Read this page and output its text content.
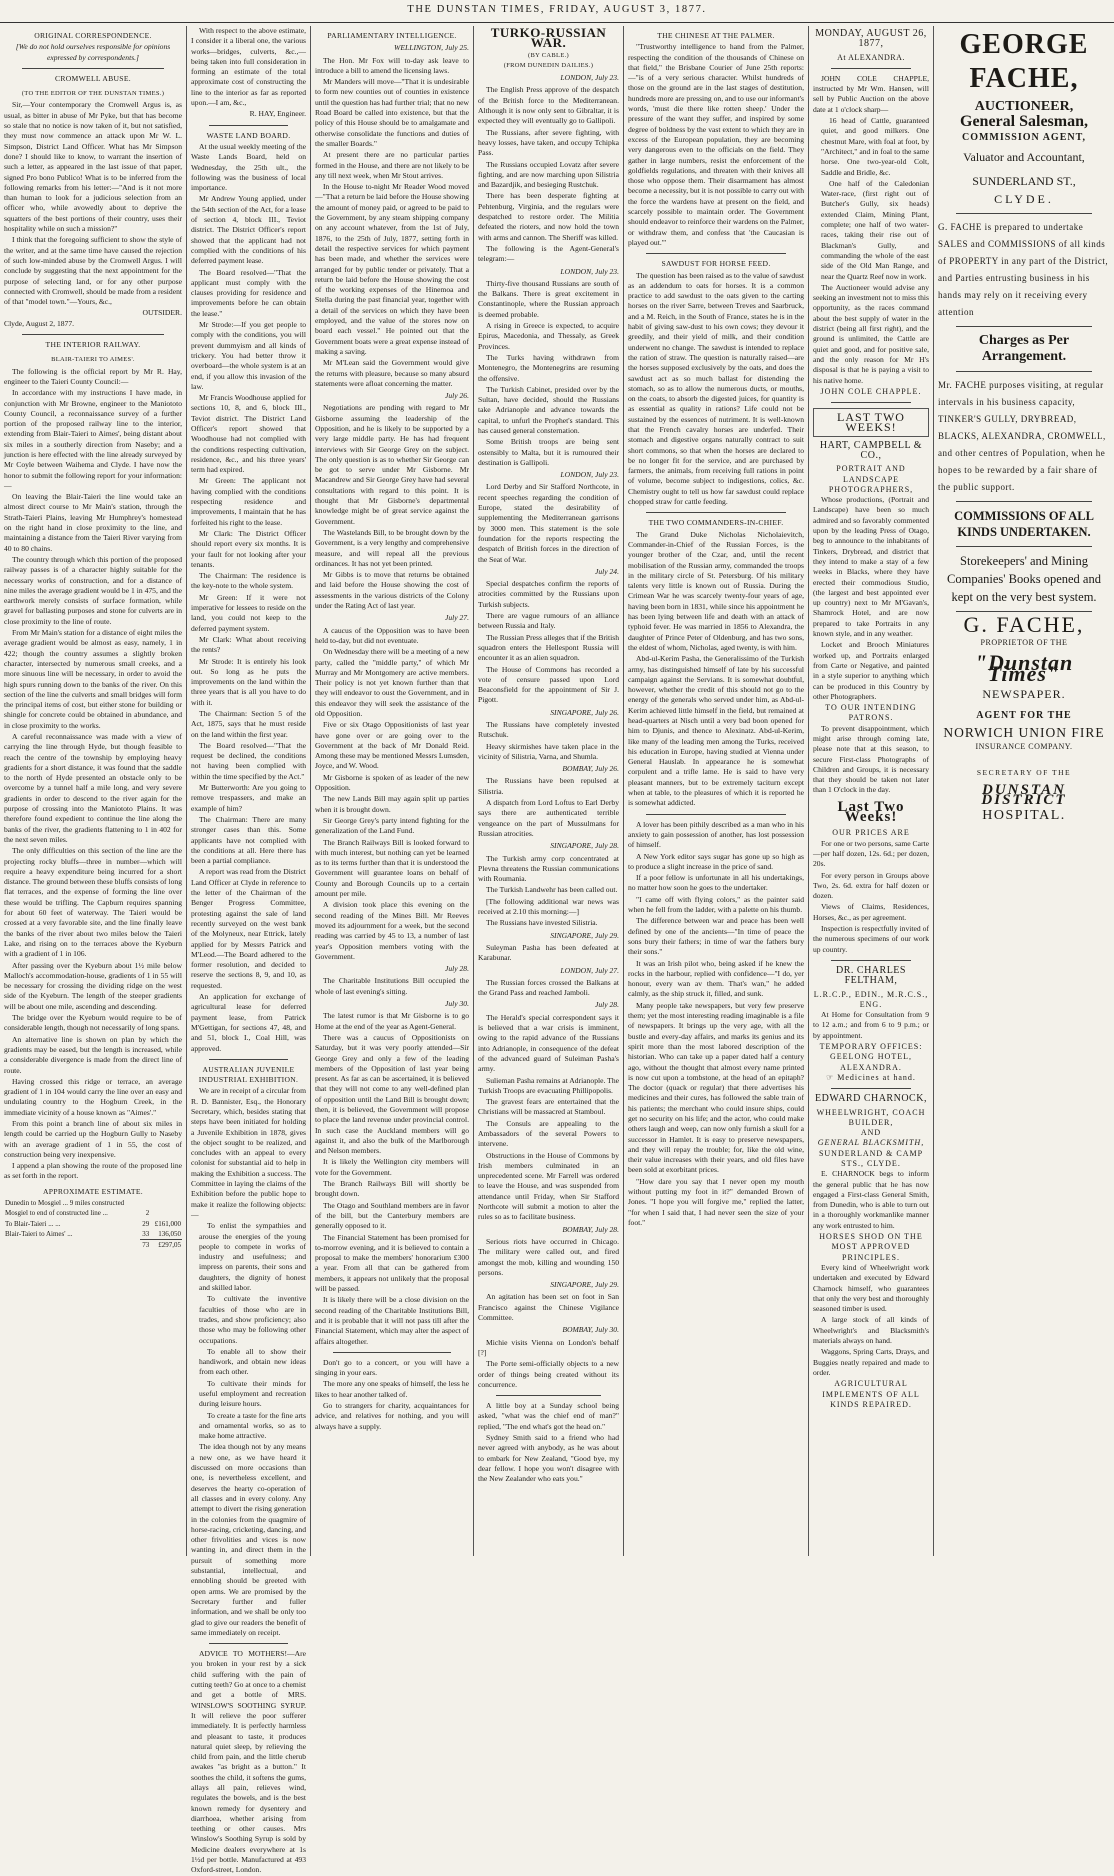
THE DUNSTAN TIMES, FRIDAY, AUGUST 3, 1877.
ORIGINAL CORRESPONDENCE.
[We do not hold ourselves responsible for opinions expressed by correspondents.]
CROMWELL ABUSE.
(TO THE EDITOR OF THE DUNSTAN TIMES.)

Sir,—Your contemporary the Cromwell Argus is, as usual, as bitter in abuse of Mr Pyke, but that has become so stale that no notice is now taken of it, but not satisfied, they must now commence an attack upon Mr W. L. Simpson, District Land Officer. What has Mr Simpson done? I should like to know, to warrant the insertion of such a letter, as appeared in the last issue of that paper, signed Pro bono Publico! What is to be inferred from the following remarks from his letter:—"And is it not more than human to look for a judicious selection from an officer who, while avowedly about to deprive the squatters of the best portions of their country, uses their hospitality while on such a mission?"

I think that the foregoing sufficient to show the style of the writer, and at the same time have caused the rejection of such low-minded abuse by the Cromwell Argus. I will conclude by suggesting that the next appointment for the purpose of selecting land, or for any other purpose connected with Cromwell, should be made from a resident of that "model town."—Yours, &c.,

OUTSIDER.
Clyde, August 2, 1877.
THE INTERIOR RAILWAY.
BLAIR-TAIERI TO AIMES'.

The following is the official report by Mr R. Hay, engineer to the Taieri County Council:—

In accordance with my instructions I have made, in conjunction with Mr Browne, engineer to the Maniototo County Council, a reconnaissance survey of a further portion of the proposed railway line to the interior, extending from Blair-Taieri to Aimes', being distant about six miles in a southerly direction from Naseby; and a junction is here effected with the line already surveyed by Mr Coyle between Waihema and Clyde. I have now the honor to submit the following report for your information:—

On leaving the Blair-Taieri the line would take an almost direct course to Mr Main's station, through the Strath-Taieri Plains, leaving Mr Humphrey's homestead on the right hand in close proximity to the line, and maintaining a distance from the Taieri River varying from 40 to 80 chains.

The country through which this portion of the proposed railway passes is of a character highly suitable for the necessary works of construction, and for a distance of nine miles the average gradient would be 1 in 475, and the earthwork merely consists of surface formation, while gravel for ballasting purposes and stone for culverts are in close proximity to the line of route.

From Mr Main's station for a distance of eight miles the average gradient would be almost as easy, namely, 1 in 422; though the country assumes a slightly broken character, intersected by numerous small creeks, and a more sinuous line will be necessary, in order to avoid the high spurs running down to the banks of the river. On this section of the line the culverts and small bridges will form the principal items of cost, but either stone for building or shingle for concrete could be obtained in abundance, and in close proximity to the works.

A careful reconnaissance was made with a view of carrying the line through Hyde, but though feasible to reach the centre of the township by employing heavy gradients for a short distance, it was found that the saddle to the north of Hyde presented an obstacle only to be overcome by a tunnel half a mile long, and very severe gradients in order to descend to the river again for the purpose of crossing into the Maniototo Plains. It was therefore found expedient to continue the line along the banks of the river, the gradients flattening to 1 in 402 for the next seven miles.

The only difficulties on this section of the line are the projecting rocky bluffs—three in number—which will require a heavy expenditure being incurred for a short distance. The ground between these bluffs consists of long flat terraces, and the expense of forming the line over these would be trifling. The Capburn requires spanning for about 60 feet of waterway. The Taieri would be crossed at a very favorable site, and the line finally leave the banks of the river about two miles below the Taieri Lake, and rising on to the terraces above the Kyeburn with a gradient of 1 in 106.

After passing over the Kyeburn about 1½ mile below Malloch's accommodation-house, gradients of 1 in 55 will be necessary for crossing the dividing ridge on the west side of the Kyeburn. The length of the steeper gradients will be about one mile, ascending and descending.

The bridge over the Kyeburn would require to be of considerable length, though not necessarily of long spans.

An alternative line is shown on plan by which the gradients may be eased, but the length is increased, while a considerable divergence is made from the direct line of route.

Having crossed this ridge or terrace, an average gradient of 1 in 104 would carry the line over an easy and undulating country to the Hogburn Creek, in the immediate vicinity of a house known as "Aimes'."

From this point a branch line of about six miles in length could be carried up the Hogburn Gully to Naseby with an average gradient of 1 in 55, the cost of construction being very inexpensive.

I append a plan showing the route of the proposed line as set forth in the report.

APPROXIMATE ESTIMATE.
Dunedin to Mosgiel ... 9 miles constructed		
Mosgiel to end of constructed line ...	2	
To Blair-Taieri ... ...	29	£161,000
Blair-Taieri to Aimes' ...	33	136,050
	73	£297,05

With respect to the above estimate, I consider it a liberal one, the various works—bridges, culverts, &c.,—being taken into full consideration in forming an estimate of the total approximate cost of constructing the line to the interior as far as reported upon.—I am, &c.,

R. HAY, Engineer.
WASTE LAND BOARD.

At the usual weekly meeting of the Waste Lands Board, held on Wednesday, the 25th ult., the following was the business of local importance.

Mr Andrew Young applied, under the 54th section of the Act, for a lease of section 4, block III., Teviot district. The District Officer's report showed that the applicant had not complied with the conditions of his deferred payment lease.

The Board resolved—"That the applicant must comply with the clauses providing for residence and improvements before he can obtain the lease."

Mr Strode:—If you get people to comply with the conditions, you will prevent dummyism and all kinds of trickery. You had better throw it overboard—the whole system is at an end, if you allow this invasion of the law.

Mr Francis Woodhouse applied for sections 10, 8, and 6, block III., Teviot district. The District Land Officer's report showed that Woodhouse had not complied with the conditions respecting cultivation, residence, &c., and his three years' term had expired.

Mr Green: The applicant not having complied with the conditions respecting residence and improvements, I maintain that he has forfeited his right to the lease.

Mr Clark: The District Officer should report every six months. It is your fault for not looking after your tenants.

The Chairman: The residence is the key-note to the whole system.

Mr Green: If it were not imperative for lessees to reside on the land, you could not keep to the deferred payment system.

Mr Clark: What about receiving the rents?

Mr Strode: It is entirely his look out. So long as he puts the improvements on the land within the three years that is all you have to do with it.

The Chairman: Section 5 of the Act, 1875, says that he must reside on the land within the first year.

The Board resolved—"That the request be declined, the conditions not having been complied with within the time specified by the Act."

Mr Butterworth: Are you going to remove trespassers, and make an example of him?

The Chairman: There are many stronger cases than this. Some applicants have not complied with the conditions at all. Here there has been a partial compliance.

A report was read from the District Land Officer at Clyde in reference to the letter of the Chairman of the Benger Progress Committee, protesting against the sale of land recently surveyed on the west bank of the Molyneux, near Ettrick, lately applied for by Messrs Patrick and M'Leod.—The Board adhered to the former resolution, and decided to reserve the sections 8, 9, and 10, as requested.

An application for exchange of agricultural lease for deferred payment lease, from Patrick M'Gettigan, for sections 47, 48, and and 51, block I., Coal Hill, was approved.

AUSTRALIAN JUVENILE INDUSTRIAL EXHIBITION.

We are in receipt of a circular from R. D. Bannister, Esq., the Honorary Secretary, which, besides stating that steps have been initiated for holding a Juvenile Exhibition in 1878, gives the object sought to be realized, and concludes with an appeal to every colonist for substantial aid to help in making the Exhibition a success. The Committee in laying the claims of the Exhibition before the public hope to make it realize the following objects:—

To enlist the sympathies and arouse the energies of the young people to compete in works of industry and usefulness; and impress on parents, their sons and daughters, the dignity of honest and skilled labor.

To cultivate the inventive faculties of those who are in trades, and show proficiency; also those who may be following other occupations.

To enable all to show their handiwork, and obtain new ideas from each other.

To cultivate their minds for useful employment and recreation during leisure hours.

To create a taste for the fine arts and ornamental works, so as to make home attractive.

The idea though not by any means a new one, as we have heard it discussed on more occasions than one, is nevertheless excellent, and deserves the hearty co-operation of all classes and in every colony. Any attempt to divert the rising generation in the colonies from the quagmire of horse-racing, cricketing, dancing, and other frivolities and vices is now wanting in, and direct them in the pursuit of something more substantial, intellectual, and ennobling should be greeted with open arms. We are promised by the Secretary further and fuller information, and we shall be only too glad to give our readers the benefit of same immediately on receipt.

ADVICE TO MOTHERS!—Are you broken in your rest by a sick child suffering with the pain of cutting teeth? Go at once to a chemist and get a bottle of MRS. WINSLOW'S SOOTHING SYRUP. It will relieve the poor sufferer immediately. It is perfectly harmless and pleasant to taste, it produces natural quiet sleep, by relieving the child from pain, and the little cherub awakes "as bright as a button." It soothes the child, it softens the gums, allays all pain, relieves wind, regulates the bowels, and is the best known remedy for dysentery and diarrhoea, whether arising from teething or other causes. Mrs Winslow's Soothing Syrup is sold by Medicine dealers everywhere at 1s 1½d per bottle. Manufactured at 493 Oxford-street, London.

PARLIAMENTARY INTELLIGENCE.
WELLINGTON, July 25.

The Hon. Mr Fox will to-day ask leave to introduce a bill to amend the licensing laws.

Mr Manders will move—"That it is undesirable to form new counties out of counties in existence until the question has had further trial; that no new Road Board be called into existence, but that the policy of this House should be to amalgamate and otherwise consolidate the functions and duties of the smaller Boards."

At present there are no particular parties formed in the House, and there are not likely to be any till next week, when Mr Stout arrives.

In the House to-night Mr Reader Wood moved—"That a return be laid before the House showing the amount of money paid, or agreed to be paid to the Government, by any steam shipping company on any account whatever, from the 1st of July, 1876, to the 25th of July, 1877, setting forth in detail the respective services for which payment has been made, and whether the services were arranged for by public tender or privately. That a return be laid before the House showing the cost of the working expenses of the Hinemoa and Stella during the past financial year, together with a detail of the services on which they have been employed, and the value of the stores now on board each vessel." He pointed out that the Government boats were a great expense instead of making a saving.

Mr M'Lean said the Government would give the returns with pleasure, because so many absurd statements were afloat concerning the matter.

July 26.

Negotiations are pending with regard to Mr Gisborne assuming the leadership of the Opposition, and he is likely to be supported by a very large middle party. He has had frequent interviews with Sir George Grey on the subject. The only question is as to whether Sir George can be got to serve under Mr Gisborne. Mr Macandrew and Sir George Grey have had several consultations with regard to this point. It is thought that Mr Gisborne's departmental knowledge might be of great service against the Government.

The Wastelands Bill, to be brought down by the Government, is a very lengthy and comprehensive measure, and will repeal all the previous ordinances. It has not yet been printed.

Mr Gibbs is to move that returns be obtained and laid before the House showing the cost of assessments in the various districts of the Colony under the Rating Act of last year.

July 27.

A caucus of the Opposition was to have been held to-day, but did not eventuate.

On Wednesday there will be a meeting of a new party, called the "middle party," of which Mr Murray and Mr Montgomery are active members. Their policy is not yet known further than that they will endeavor to oust the Government, and in this endeavor they will seek the assistance of the old Opposition.

Five or six Otago Oppositionists of last year have gone over or are going over to the Government at the back of Mr Donald Reid. Among these may be mentioned Messrs Lumsden, Joyce, and W. Wood.

Mr Gisborne is spoken of as leader of the new Opposition.

The new Lands Bill may again split up parties when it is brought down.

Sir George Grey's party intend fighting for the generalization of the Land Fund.

The Branch Railways Bill is looked forward to with much interest, but nothing can yet be learned as to its terms further than that it is understood the Government will guarantee loans on behalf of County and Borough Councils up to a certain amount per mile.

A division took place this evening on the second reading of the Mines Bill. Mr Reeves moved its adjournment for a week, but the second reading was carried by 45 to 13, a number of last year's Opposition members voting with the Government.

July 28.

The Charitable Institutions Bill occupied the whole of last evening's sitting.

July 30.

The latest rumor is that Mr Gisborne is to go Home at the end of the year as Agent-General.

There was a caucus of Oppositionists on Saturday, but it was very poorly attended—Sir George Grey and only a few of the leading members of the Opposition of last year being present. As far as can be ascertained, it is believed that they will not come to any well-defined plan of opposition until the Land Bill is brought down; then, it is believed, the Government will propose to place the land revenue under provincial control. In such case the Auckland members will go against it, and also the bulk of the Marlborough and Nelson members.

It is likely the Wellington city members will vote for the Government.

The Branch Railways Bill will shortly be brought down.

The Otago and Southland members are in favor of the bill, but the Canterbury members are generally opposed to it.

The Financial Statement has been promised for to-morrow evening, and it is believed to contain a proposal to make the members' honorarium £300 a year. From all that can be gathered from members, it appears not unlikely that the proposal will be passed.

It is likely there will be a close division on the second reading of the Charitable Institutions Bill, and it is probable that it will not pass till after the Financial Statement, which may alter the aspect of affairs altogether.

Don't go to a concert, or you will have a singing in your ears.

The more any one speaks of himself, the less he likes to hear another talked of.

Go to strangers for charity, acquaintances for advice, and relatives for nothing, and you will always have a supply.

TURKO-RUSSIAN WAR.
(BY CABLE.)
(FROM DUNEDIN DAILIES.)
LONDON, July 23.

The English Press approve of the despatch of the British force to the Mediterranean. Although it is now only sent to Gibraltar, it is expected they will eventually go to Gallipoli.

The Russians, after severe fighting, with heavy losses, have taken, and occupy Tchipka Pass.

The Russians occupied Lovatz after severe fighting, and are now marching upon Silistria and Bazardjik, and besieging Rustchuk.

There has been desperate fighting at Pehtenburg, Virginia, and the regulars were despatched to restore order. The Militia defeated the rioters, and now hold the town with arms and cannon. The Sheriff was killed.

The following is the Agent-General's telegram:—

LONDON, July 23.

Thirty-five thousand Russians are south of the Balkans. There is great excitement in Constantinople, where the Russian approach is deemed probable.

A rising in Greece is expected, to acquire Epirus, Macedonia, and Thessaly, as Greek Provinces.

The Turks having withdrawn from Montenegro, the Montenegrins are resuming the offensive.

The Turkish Cabinet, presided over by the Sultan, have decided, should the Russians take Adrianople and advance towards the capital, to unfurl the Prophet's standard. This has caused general consternation.

Some British troops are being sent ostensibly to Malta, but it is rumoured their destination is Gallipoli.

LONDON, July 23.

Lord Derby and Sir Stafford Northcote, in recent speeches regarding the condition of Europe, stated the desirability of supplementing the Mediterranean garrisons by 3000 men. This statement is the sole foundation for the reports respecting the despatch of British forces in the direction of the Seat of War.

July 24.

Special despatches confirm the reports of atrocities committed by the Russians upon Turkish subjects.

There are vague rumours of an alliance between Russia and Italy.

The Russian Press alleges that if the British squadron enters the Hellespont Russia will encounter it as an alien squadron.

The House of Commons has recorded a vote of censure passed upon Lord Beaconsfield for the appointment of Sir J. Pigott.

SINGAPORE, July 26.

The Russians have completely invested Rutschuk.

Heavy skirmishes have taken place in the vicinity of Silistria, Varna, and Shumla.

BOMBAY, July 26.

The Russians have been repulsed at Silistria.

A dispatch from Lord Loftus to Earl Derby says there are authenticated terrible vengeance on the part of Mussulmans for Russian atrocities.

SINGAPORE, July 28.

The Turkish army corp concentrated at Plevna threatens the Russian communications with Roumania.

The Turkish Landwehr has been called out.

[The following additional war news was received at 2.10 this morning:—]

The Russians have invested Silistria.

SINGAPORE, July 29.

Suleyman Pasha has been defeated at Karabunar.

LONDON, July 27.

The Russian forces crossed the Balkans at the Grand Pass and reached Jamboli.

July 28.

The Herald's special correspondent says it is believed that a war crisis is imminent, owing to the rapid advance of the Russians into Adrianople, in consequence of the defeat of the advanced guard of Suleiman Pasha's army.

Sulieman Pasha remains at Adrianople. The Turkish Troops are evacuating Phillipopolis.

The gravest fears are entertained that the Christians will be massacred at Stamboul.

The Consuls are appealing to the Ambassadors of the several Powers to intervene.

Obstructions in the House of Commons by Irish members culminated in an unprecedented scene. Mr Farrell was ordered to leave the House, and was suspended from attendance until Friday, when Sir Stafford Northcote will submit a motion to alter the rules so as to facilitate business.

BOMBAY, July 28.

Serious riots have occurred in Chicago. The military were called out, and fired amongst the mob, killing and wounding 150 persons.

SINGAPORE, July 29.

An agitation has been set on foot in San Francisco against the Chinese Vigilance Committee.

BOMBAY, July 30.

Michie visits Vienna on London's behalf [?]

The Porte semi-officially objects to a new order of things being created without its concurrence.

A little boy at a Sunday school being asked, "what was the chief end of man?" replied, "The end what's got the head on."

Sydney Smith said to a friend who had never agreed with anybody, as he was about to embark for New Zealand, "Good bye, my dear fellow. I hope you won't disagree with the New Zealander who eats you."

THE CHINESE AT THE PALMER.

"Trustworthy intelligence to hand from the Palmer, respecting the condition of the thousands of Chinese on that field," the Brisbane Courier of June 25th reports:—"is of a very serious character. Whilst hundreds of those on the ground are in the last stages of destitution, hundreds more are pressing on, and to use our informant's words, 'must die there like rotten sheep.' Under the pressure of the want they suffer, and inspired by some degree of boldness by the vast extent to which they are in excess of the European population, they are becoming very dangerous even to the officials on the field. They gather in large numbers, resist the enforcement of the goldfields regulations, and threaten with their knives all those who oppose them. Their disarmament has almost become a necessity, but it is not possible to carry out with the force the wardens have at present on the field, and scarcely possible to maintain order. The Government should endeavor to reinforce their wardens on the Palmer, or withdraw them, and confess that 'the Caucasian is played out.'"

SAWDUST FOR HORSE FEED.

The question has been raised as to the value of sawdust as an addendum to oats for horses. It is a common practice to add sawdust to the oats given to the carting horses on the river Sarre, between Treves and Saarbruck, and a M. Reich, in the South of France, states he is in the habit of giving saw-dust to his own cows; they devour it greedily, and their yield of milk, and their condition underwent no change. The sawdust is intended to replace the ration of straw. The question is naturally raised—are the horses supposed exclusively by the oats, and does the sawdust act as so much ballast for distending the stomach, so as to allow the numerous ducts, or mouths, on the coats, to absorb the digested juices, for quantity is as essential as quality in rations? Life could not be sustained by the essences of nutriment. It is well-known that the French cavalry horses are underfed. Their stomach and digestive organs naturally contract to suit short commons, so that when the horses are declared to be no longer fit for the service, and are purchased by farmers, the animals, from receiving full rations in point of volume, become subject to indigestions, colics, &c. Chemistry ought to tell us how far sawdust could replace chopped straw for cattle feeding.

THE TWO COMMANDERS-IN-CHIEF.

The Grand Duke Nicholas Nicholaievitch, Commander-in-Chief of the Russian Forces, is the younger brother of the Czar, and, until the recent mobilisation of the Russian army, commanded the troops in the military circle of St. Petersburg. Of his military talents very little is known out of Russia. During the Crimean War he was scarcely twenty-four years of age, having been born in 1831, while since his appointment he has been lying between life and death with an attack of typhoid fever. He was married in 1856 to Alexandra, the daughter of Prince Peter of Oldenburg, and has two sons, the eldest of whom, Nicholas, aged twenty, is with him.

Abd-ul-Kerim Pasha, the Generalissimo of the Turkish army, has distinguished himself of late by his successful campaign against the Servians. It is somewhat doubtful, however, whether the credit of this should not go to the energy of the generals who served under him, as Abd-ul-Kerim achieved little himself in the field, but remained at head-quarters at Nisch until a very bad boon opened for him to Djunis, and thence to Alexinatz. Abd-ul-Kerim, like many of the leading men among the Turks, received his education in Europe, having studied at Vienna under General Hauslab. In appearance he is somewhat corpulent and a trifle lame. He is said to have very pleasant manners, but to be extremely taciturn except when at table, to the pleasures of which it is reported he is somewhat addicted.

A lover has been pithily described as a man who in his anxiety to gain possession of another, has lost possession of himself.

A New York editor says sugar has gone up so high as to produce a slight increase in the price of sand.

If a poor fellow is unfortunate in all his undertakings, no matter how soon he goes to the undertaker.

"I came off with flying colors," as the painter said when he fell from the ladder, with a palette on his thumb.

The difference between war and peace has been well defined by one of the ancients—"In time of peace the sons bury their fathers; in time of war the fathers bury their sons."

It was an Irish pilot who, being asked if he knew the rocks in the harbour, replied with confidence—"I do, yer honour, every wan av them. That's wan," he added calmly, as the ship struck it, filled, and sunk.

Many people take newspapers, but very few preserve them; yet the most interesting reading imaginable is a file of newspapers. It brings up the very age, with all the bustle and every-day affairs, and marks its genius and its spirit more than the most labored description of the historian. Who can take up a paper dated half a century ago, without the thought that almost every name printed is now cut upon a tombstone, at the head of an epitaph? The doctor (quack or regular) that there advertises his medicines and their cures, has followed the sable train of his patients; the merchant who could insure ships, could get no security on his life; and the actor, who could make others laugh and weep, can now only furnish a skull for a successor in Hamlet. It is easy to preserve newspapers, and they will repay the trouble; for, like the old wine, their value increases with their years, and old files have been sold at exorbitant prices.

"How dare you say that I never open my mouth without putting my foot in it?" demanded Brown of Jones. "I hope you will forgive me," replied the latter, "for when I said that, I had never seen the size of your foot."

MONDAY, AUGUST 26, 1877,
At ALEXANDRA.

JOHN COLE CHAPPLE, instructed by Mr Wm. Hansen, will sell by Public Auction on the above date at 1 o'clock sharp—

16 head of Cattle, guaranteed quiet, and good milkers. One chestnut Mare, with foal at foot, by "Architect," and in foal to the same horse. One two-year-old Colt, Saddle and Bridle, &c.

One half of the Caledonian Water-race, (first right out of Butcher's Gully, six heads) extended Claim, Mining Plant, complete; one half of two water-races, taking their rise out of Blackman's Gully, and commanding the whole of the east side of the Old Man Range, and near the Quartz Reef now in work.

The Auctioneer would advise any seeking an investment not to miss this opportunity, as the races command about the best supply of water in the district (being all first right), and the ground is unlimited, the Cattle are quiet and good, and for positive sale, and the only reason for Mr H's disposal is that he is paying a visit to his native home.

JOHN COLE CHAPPLE.
LAST TWO WEEKS!
HART, CAMPBELL & CO.,
PORTRAIT AND LANDSCAPE PHOTOGRAPHERS,

Whose productions, (Portrait and Landscape) have been so much admired and so favorably commented upon by the leading Press of Otago, beg to announce to the inhabitants of Tinkers, Drybread, and district that they intend to make a stay of a few weeks in Blacks, where they have erected their commodious Studio, (the largest and best appointed ever up country) next to Mr M'Gavan's, Shamrock Hotel, and are now prepared to take Portraits in any known style, and in any weather.

Locket and Brooch Miniatures worked up, and Portraits enlarged from Carte or Negative, and painted in a style superior to anything which can be produced in this Country by other Photographers.

TO OUR INTENDING PATRONS.

To prevent disappointment, which might arise through coming late, please note that at this season, to secure First-class Photographs of Children and Groups, it is necessary that they should be taken not later than 1 O'clock in the day.

Last Two Weeks!
OUR PRICES ARE

For one or two persons, same Carte—per half dozen, 12s. 6d.; per dozen, 20s.

For every person in Groups above Two, 2s. 6d. extra for half dozen or dozen.

Views of Claims, Residences, Horses, &c., as per agreement.

Inspection is respectfully invited of the numerous specimens of our work up country.

DR. CHARLES FELTHAM,
L.R.C.P., EDIN., M.R.C.S., ENG.

At Home for Consultation from 9 to 12 a.m.; and from 6 to 9 p.m.; or by appointment.

TEMPORARY OFFICES:
GEELONG HOTEL, ALEXANDRA.
☞ Medicines at hand.
EDWARD CHARNOCK,
WHEELWRIGHT, COACH BUILDER,
AND
GENERAL BLACKSMITH,
SUNDERLAND & CAMP STS., CLYDE.

E. CHARNOCK begs to inform the general public that he has now engaged a First-class General Smith, from Dunedin, who is able to turn out in a thoroughly workmanlike manner any work entrusted to him.

HORSES SHOD ON THE MOST APPROVED PRINCIPLES.

Every kind of Wheelwright work undertaken and executed by Edward Charnock himself, who guarantees that only the very best and thoroughly seasoned timber is used.

A large stock of all kinds of Wheelwright's and Blacksmith's materials always on hand.

Waggons, Spring Carts, Drays, and Buggies neatly repaired and made to order.

AGRICULTURAL IMPLEMENTS OF ALL KINDS REPAIRED.
GEORGE FACHE,
AUCTIONEER,
General Salesman,
COMMISSION AGENT,
Valuator and Accountant,
SUNDERLAND ST.,
CLYDE.
G. FACHE is prepared to undertake SALES and COMMISSIONS of all kinds of PROPERTY in any part of the District, and Parties entrusting business in his hands may rely on it receiving every attention
Charges as Per Arrangement.
Mr. FACHE purposes visiting, at regular intervals in his business capacity, TINKER'S GULLY, DRYBREAD, BLACKS, ALEXANDRA, CROMWELL, and other centres of Population, when he hopes to be rewarded by a fair share of the public support.
COMMISSIONS OF ALL KINDS UNDERTAKEN.
Storekeepers' and Mining Companies' Books opened and kept on the very best system.
G. FACHE,
PROPRIETOR OF THE
"Dunstan Times"
NEWSPAPER.
AGENT FOR THE
NORWICH UNION FIRE
INSURANCE COMPANY.
SECRETARY OF THE
DUNSTAN DISTRICT
HOSPITAL.
